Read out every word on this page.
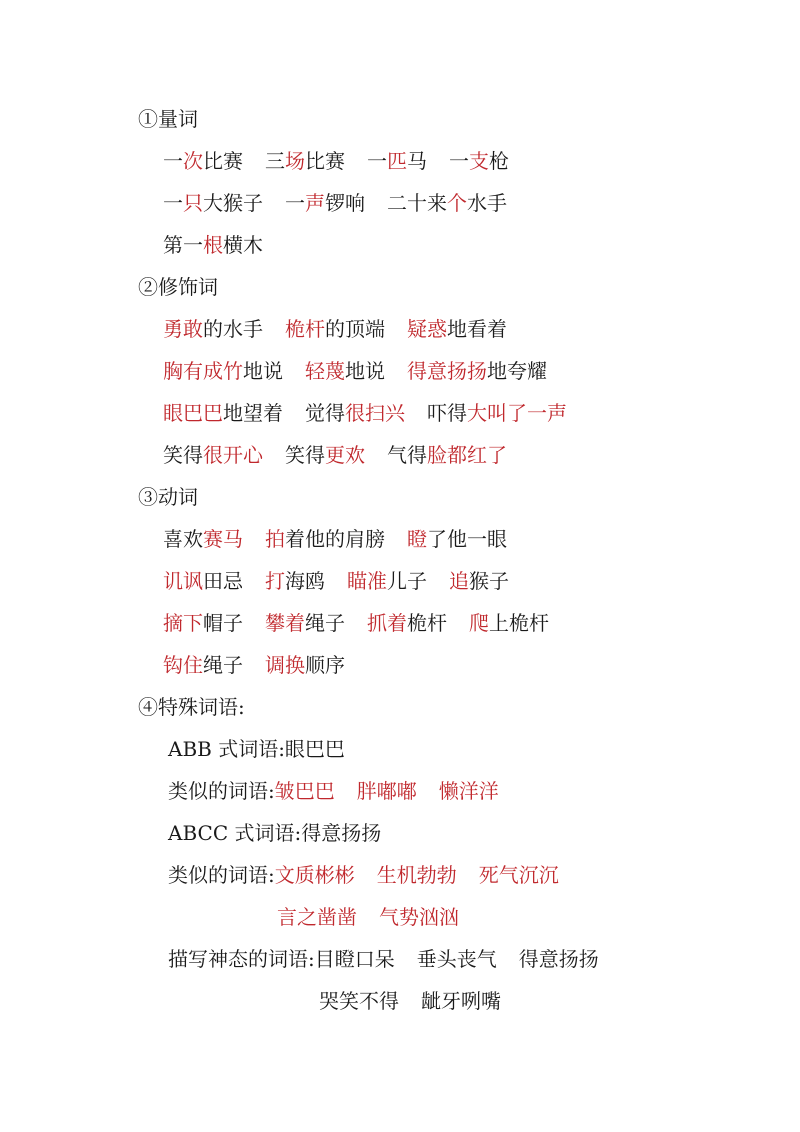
①量词
一次比赛 三场比赛 一匹马 一支枪
一只大猴子 一声锣响 二十来个水手
第一根横木
②修饰词
勇敢的水手 桅杆的顶端 疑惑地看着
胸有成竹地说 轻蔑地说 得意扬扬地夸耀
眼巴巴地望着 觉得很扫兴 吓得大叫了一声
笑得很开心 笑得更欢 气得脸都红了
③动词
喜欢赛马 拍着他的肩膀 瞪了他一眼
讥讽田忌 打海鸥 瞄准儿子 追猴子
摘下帽子 攀着绳子 抓着桅杆 爬上桅杆
钩住绳子 调换顺序
④特殊词语:
ABB 式词语:眼巴巴
类似的词语:皱巴巴 胖嘟嘟 懒洋洋
ABCC 式词语:得意扬扬
类似的词语:文质彬彬 生机勃勃 死气沉沉
言之凿凿 气势汹汹
描写神态的词语:目瞪口呆 垂头丧气 得意扬扬
哭笑不得 龇牙咧嘴
